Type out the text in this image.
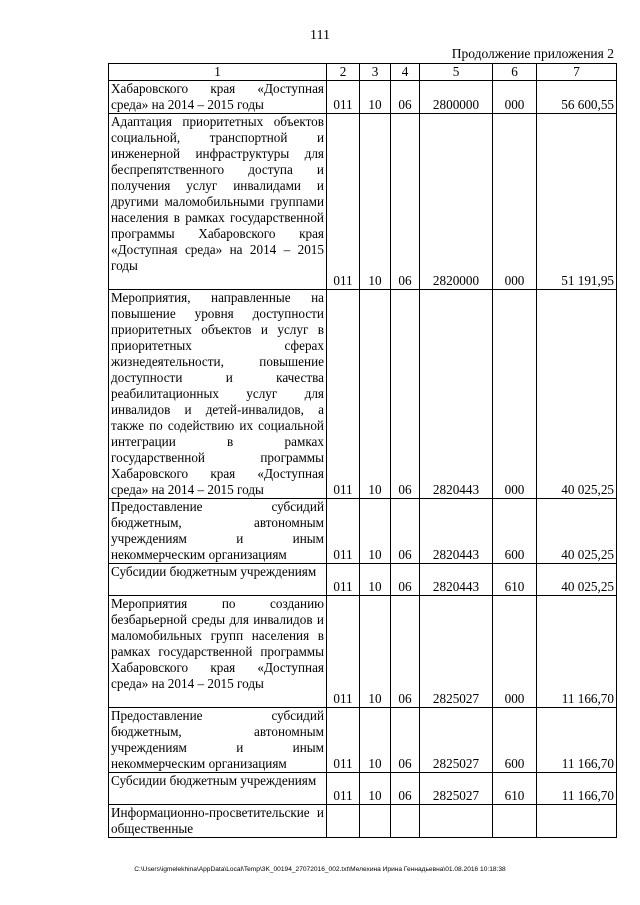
111
Продолжение приложения 2
1	2	3	4	5	6	7

Хабаровского края «Доступная среда» на 2014 – 2015 годы	011	10	06	2800000	000	56 600,55

Адаптация приоритетных объектов социальной, транспортной и инженерной инфраструктуры для беспрепятственного доступа и получения услуг инвалидами и другими маломобильными группами населения в рамках государственной программы Хабаровского края «Доступная среда» на 2014 – 2015 годы	011	10	06	2820000	000	51 191,95

Мероприятия, направленные на повышение уровня доступности приоритетных объектов и услуг в приоритетных сферах жизнедеятельности, повышение доступности и качества реабилитационных услуг для инвалидов и детей-инвалидов, а также по содействию их социальной интеграции в рамках государственной программы Хабаровского края «Доступная среда» на 2014 – 2015 годы	011	10	06	2820443	000	40 025,25

Предоставление субсидий бюджетным, автономным учреждениям и иным некоммерческим организациям	011	10	06	2820443	600	40 025,25

Субсидии бюджетным учреждениям	011	10	06	2820443	610	40 025,25

Мероприятия по созданию безбарьерной среды для инвалидов и маломобильных групп населения в рамках государственной программы Хабаровского края «Доступная среда» на 2014 – 2015 годы	011	10	06	2825027	000	11 166,70

Предоставление субсидий бюджетным, автономным учреждениям и иным некоммерческим организациям	011	10	06	2825027	600	11 166,70

Субсидии бюджетным учреждениям	011	10	06	2825027	610	11 166,70

Информационно-просветительские и общественные						

C:\Users\igmelekhina\AppData\Local\Temp\3K_00194_27072016_002.txt\Мелехина Ирина Геннадьевна\01.08.2016 10:18:38
